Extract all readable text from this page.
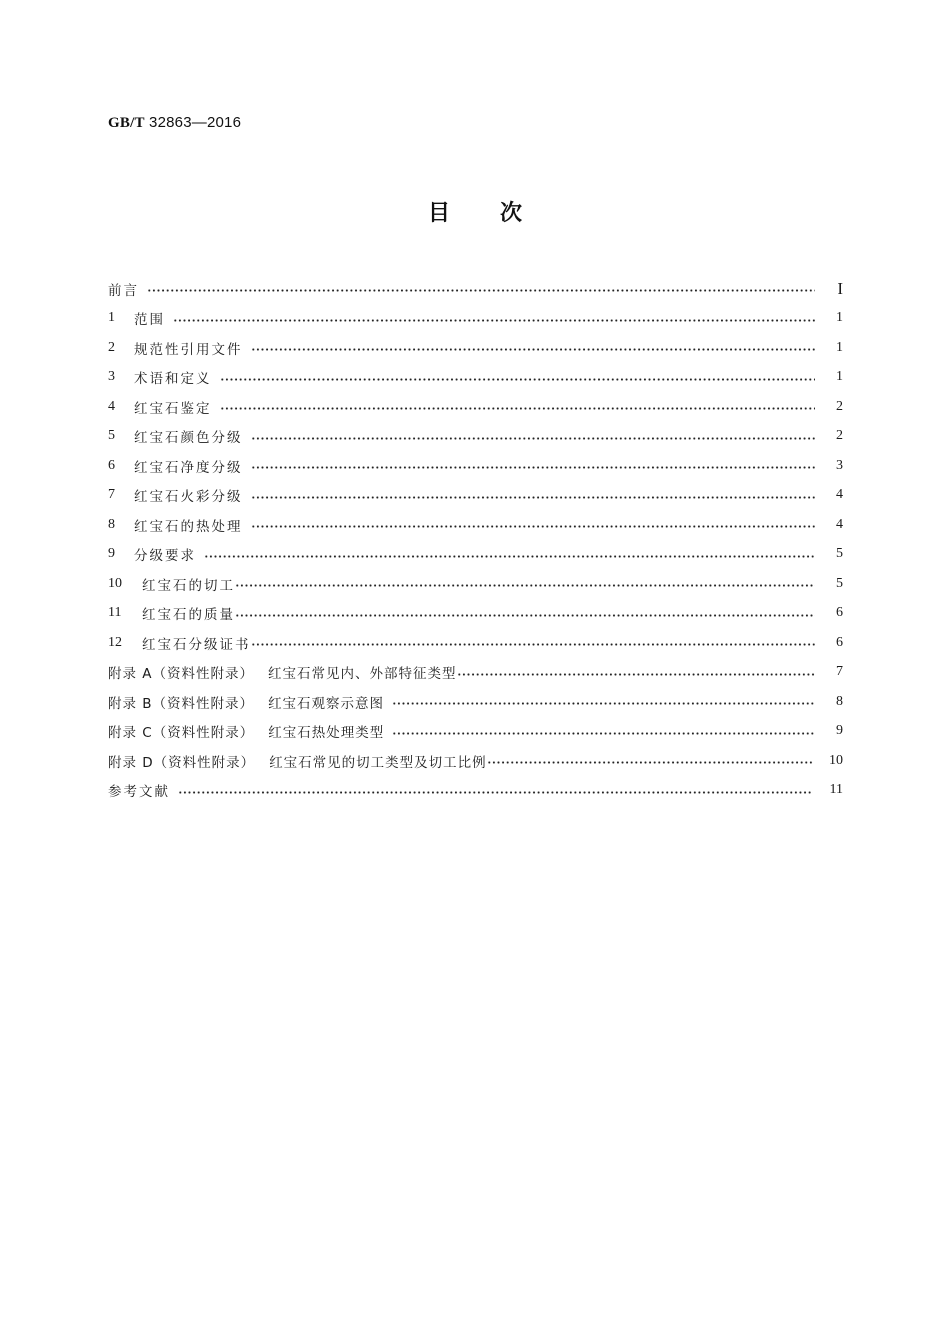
GB/T 32863—2016
目 次
前言	I
1	范围	1
2	规范性引用文件	1
3	术语和定义	1
4	红宝石鉴定	2
5	红宝石颜色分级	2
6	红宝石净度分级	3
7	红宝石火彩分级	4
8	红宝石的热处理	4
9	分级要求	5
10	红宝石的切工	5
11	红宝石的质量	6
12	红宝石分级证书	6
附录 A（资料性附录） 红宝石常见内、外部特征类型	7
附录 B（资料性附录） 红宝石观察示意图	8
附录 C（资料性附录） 红宝石热处理类型	9
附录 D（资料性附录） 红宝石常见的切工类型及切工比例	10
参考文献	11
